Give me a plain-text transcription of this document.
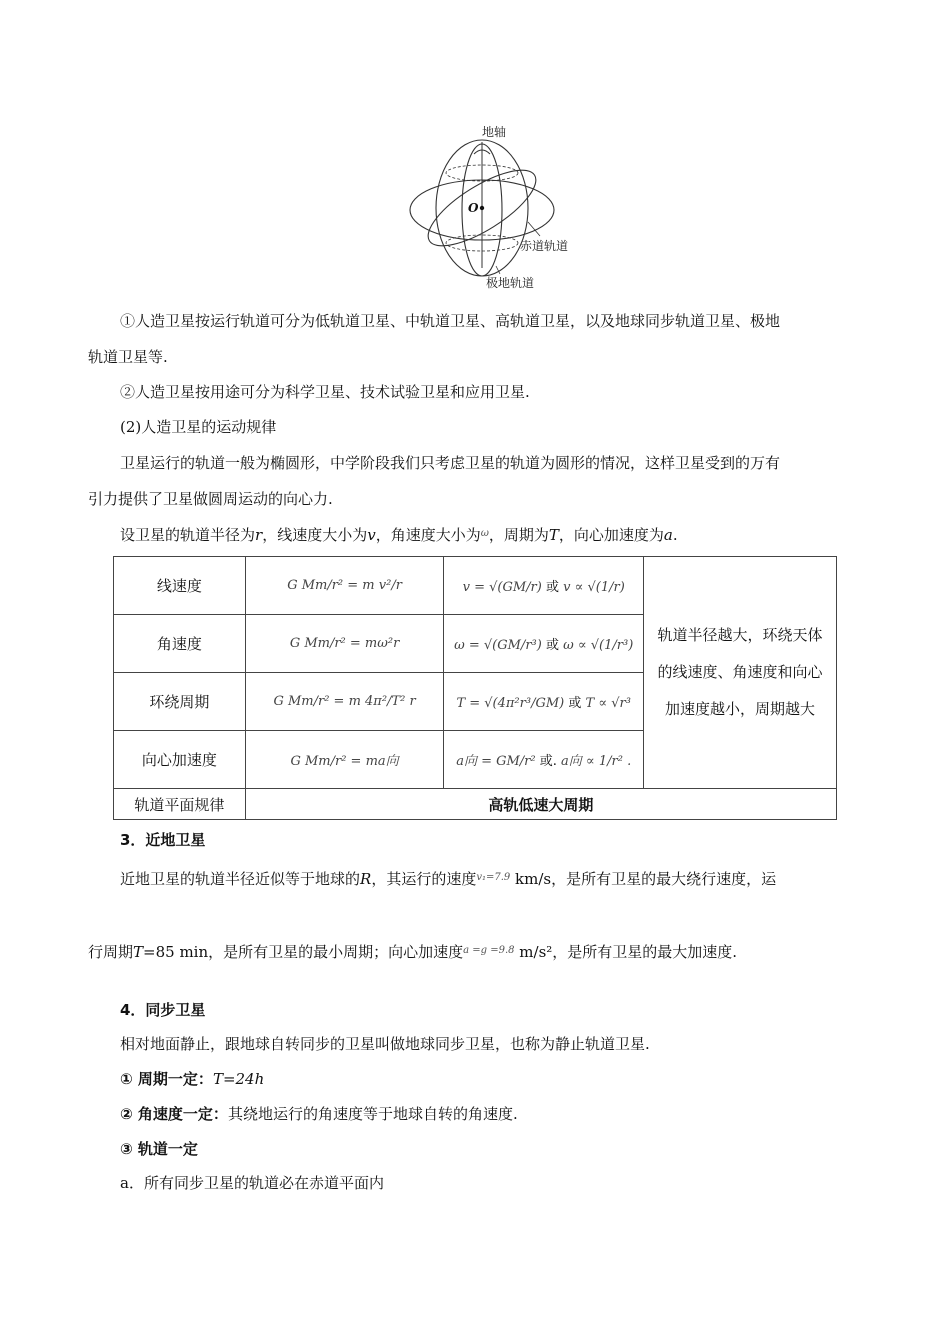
地轴
O
赤道轨道
极地轨道
①人造卫星按运行轨道可分为低轨道卫星、中轨道卫星、高轨道卫星，以及地球同步轨道卫星、极地
轨道卫星等.
②人造卫星按用途可分为科学卫星、技术试验卫星和应用卫星.
(2)人造卫星的运动规律
卫星运行的轨道一般为椭圆形，中学阶段我们只考虑卫星的轨道为圆形的情况，这样卫星受到的万有
引力提供了卫星做圆周运动的向心力.
设卫星的轨道半径为r，线速度大小为v，角速度大小为$^\omega$，周期为T，向心加速度为a.
线速度	G Mm/r² = m v²/r	v = √(GM/r) 或 v ∝ √(1/r)	轨道半径越大，环绕天体的线速度、角速度和向心加速度越小，周期越大
角速度	G Mm/r² = mω²r	ω = √(GM/r³) 或 ω ∝ √(1/r³)	
环绕周期	G Mm/r² = m 4π²/T² r	T = √(4π²r³/GM) 或 T ∝ √r³	
向心加速度	G Mm/r² = ma向	a向 = GM/r² 或. a向 ∝ 1/r² .	
轨道平面规律	高轨低速大周期		
3．近地卫星
近地卫星的轨道半径近似等于地球的R，其运行的速度$^{v_1=7.9}$ km/s，是所有卫星的最大绕行速度，运
行周期T=85 min，是所有卫星的最小周期；向心加速度$^{a =g =9.8}$ m/s²，是所有卫星的最大加速度.
4．同步卫星
相对地面静止，跟地球自转同步的卫星叫做地球同步卫星，也称为静止轨道卫星.
① 周期一定：T=24h
② 角速度一定：其绕地运行的角速度等于地球自转的角速度.
③ 轨道一定
a．所有同步卫星的轨道必在赤道平面内
